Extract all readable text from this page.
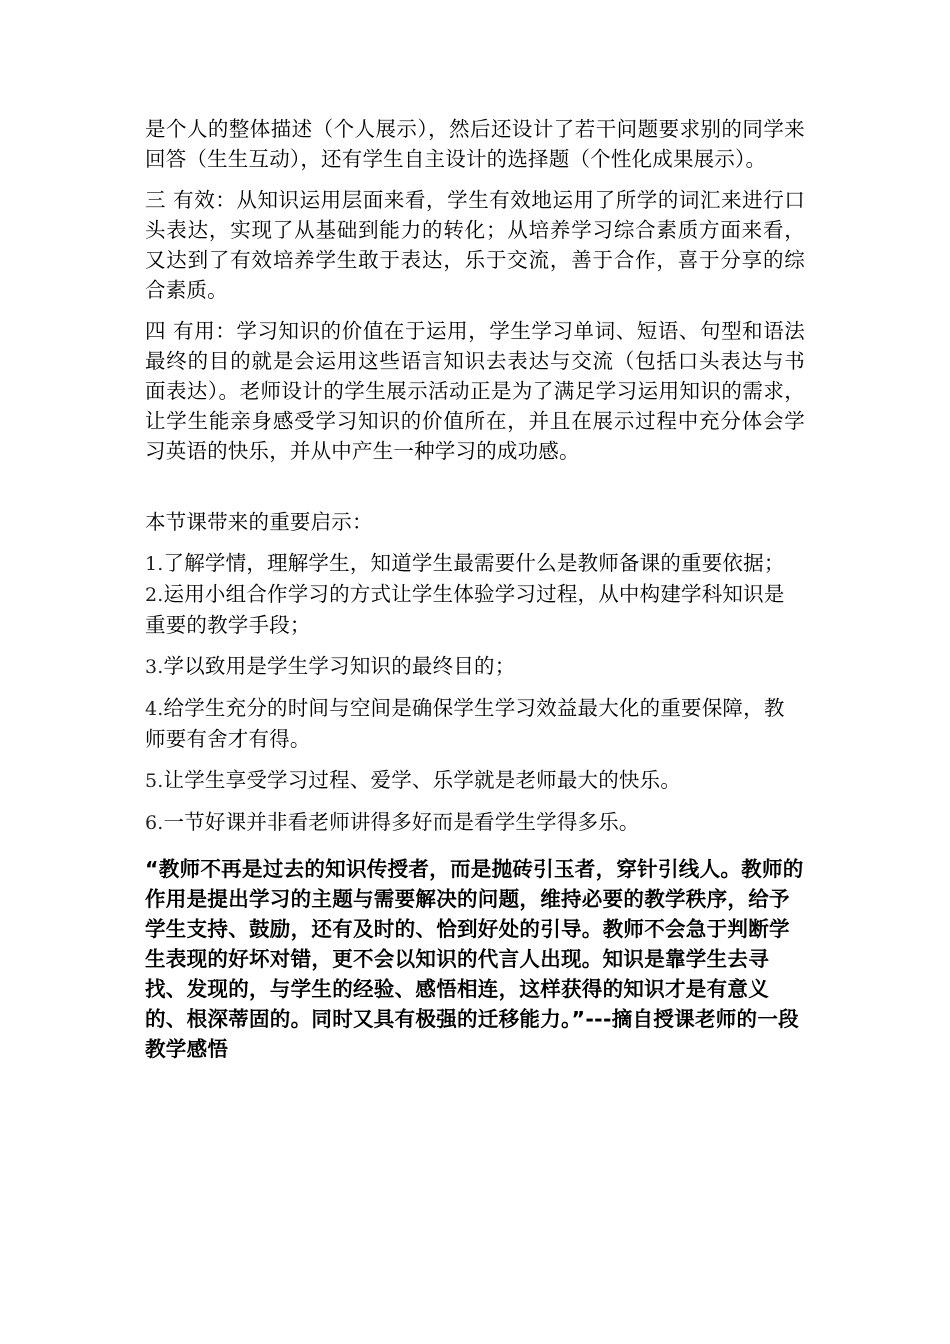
是个人的整体描述（个人展示），然后还设计了若干问题要求别的同学来回答（生生互动），还有学生自主设计的选择题（个性化成果展示）。

三 有效：从知识运用层面来看，学生有效地运用了所学的词汇来进行口头表达，实现了从基础到能力的转化；从培养学习综合素质方面来看，又达到了有效培养学生敢于表达，乐于交流，善于合作，喜于分享的综合素质。

四 有用：学习知识的价值在于运用，学生学习单词、短语、句型和语法最终的目的就是会运用这些语言知识去表达与交流（包括口头表达与书面表达）。老师设计的学生展示活动正是为了满足学习运用知识的需求，让学生能亲身感受学习知识的价值所在，并且在展示过程中充分体会学习英语的快乐，并从中产生一种学习的成功感。

本节课带来的重要启示：

1.了解学情，理解学生，知道学生最需要什么是教师备课的重要依据； 2.运用小组合作学习的方式让学生体验学习过程，从中构建学科知识是重要的教学手段；

3.学以致用是学生学习知识的最终目的；

4.给学生充分的时间与空间是确保学生学习效益最大化的重要保障，教师要有舍才有得。

5.让学生享受学习过程、爱学、乐学就是老师最大的快乐。

6.一节好课并非看老师讲得多好而是看学生学得多乐。

“教师不再是过去的知识传授者，而是抛砖引玉者，穿针引线人。教师的作用是提出学习的主题与需要解决的问题，维持必要的教学秩序，给予学生支持、鼓励，还有及时的、恰到好处的引导。教师不会急于判断学生表现的好坏对错，更不会以知识的代言人出现。知识是靠学生去寻找、发现的，与学生的经验、感悟相连，这样获得的知识才是有意义的、根深蒂固的。同时又具有极强的迁移能力。”---摘自授课老师的一段教学感悟
